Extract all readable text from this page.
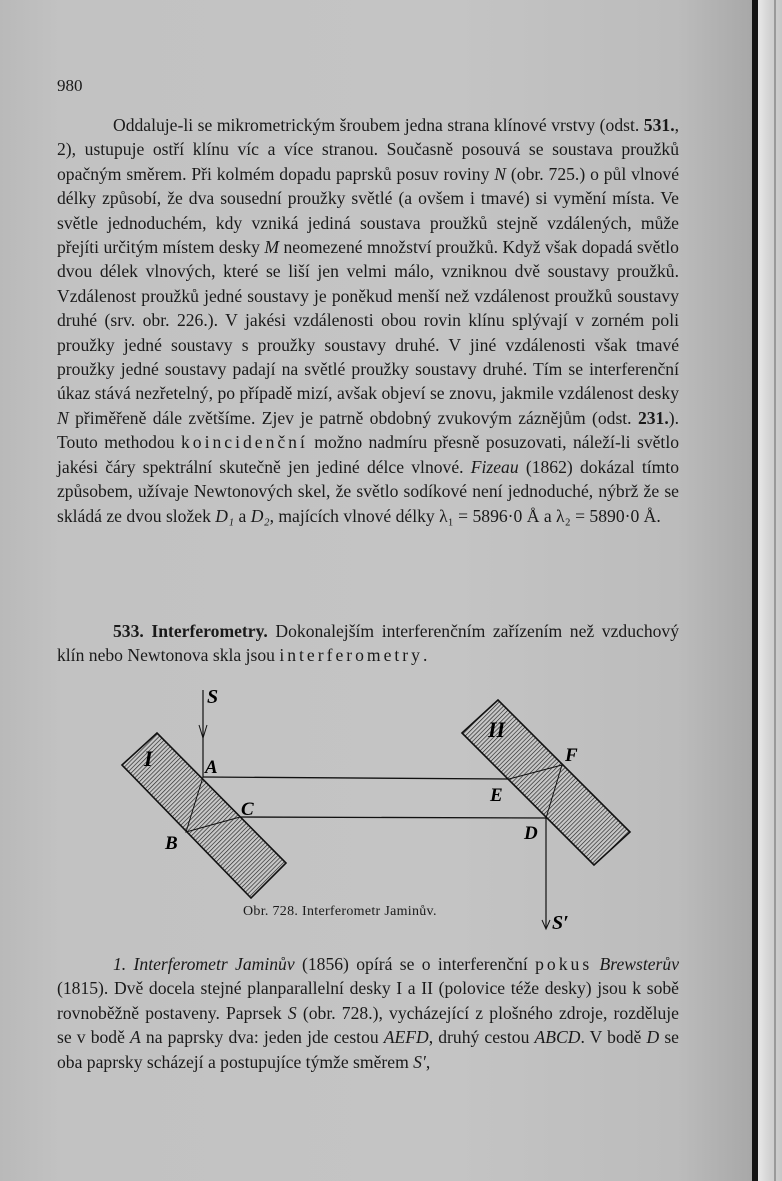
980

Oddaluje-li se mikrometrickým šroubem jedna strana klínové vrstvy (odst. 531., 2), ustupuje ostří klínu víc a více stranou. Současně posouvá se soustava proužků opačným směrem. Při kolmém dopadu paprsků posuv roviny N (obr. 725.) o půl vlnové délky způsobí, že dva sousední proužky světlé (a ovšem i tmavé) si vymění místa. Ve světle jednoduchém, kdy vzniká jediná soustava proužků stejně vzdálených, může přejíti určitým místem desky M neomezené množství proužků. Když však dopadá světlo dvou délek vlnových, které se liší jen velmi málo, vzniknou dvě soustavy proužků. Vzdálenost proužků jedné soustavy je poněkud menší než vzdálenost proužků soustavy druhé (srv. obr. 226.). V jakési vzdálenosti obou rovin klínu splývají v zorném poli proužky jedné soustavy s proužky soustavy druhé. V jiné vzdálenosti však tmavé proužky jedné soustavy padají na světlé proužky soustavy druhé. Tím se interferenční úkaz stává nezřetelný, po případě mizí, avšak objeví se znovu, jakmile vzdálenost desky N přiměřeně dále zvětšíme. Zjev je patrně obdobný zvukovým záznějům (odst. 231.). Touto methodou koincidenční možno nadmíru přesně posuzovati, náleží-li světlo jakési čáry spektrální skutečně jen jediné délce vlnové. Fizeau (1862) dokázal tímto způsobem, užívaje Newtonových skel, že světlo sodíkové není jednoduché, nýbrž že se skládá ze dvou složek D₁ a D₂, majících vlnové délky λ₁ = 5896·0 Å a λ₂ = 5890·0 Å.

533. Interferometry. Dokonalejším interferenčním zařízením než vzduchový klín nebo Newtonova skla jsou interferometry.

S
I	A
C
B
II
F
E
D
S′
Obr. 728. Interferometr Jaminův.

1. Interferometr Jaminův (1856) opírá se o interferenční pokus Brewsterův (1815). Dvě docela stejné planparallelní desky I a II (polovice téže desky) jsou k sobě rovnoběžně postaveny. Paprsek S (obr. 728.), vycházející z plošného zdroje, rozděluje se v bodě A na paprsky dva: jeden jde cestou AEFD, druhý cestou ABCD. V bodě D se oba paprsky scházejí a postupujíce týmže směrem S′,
